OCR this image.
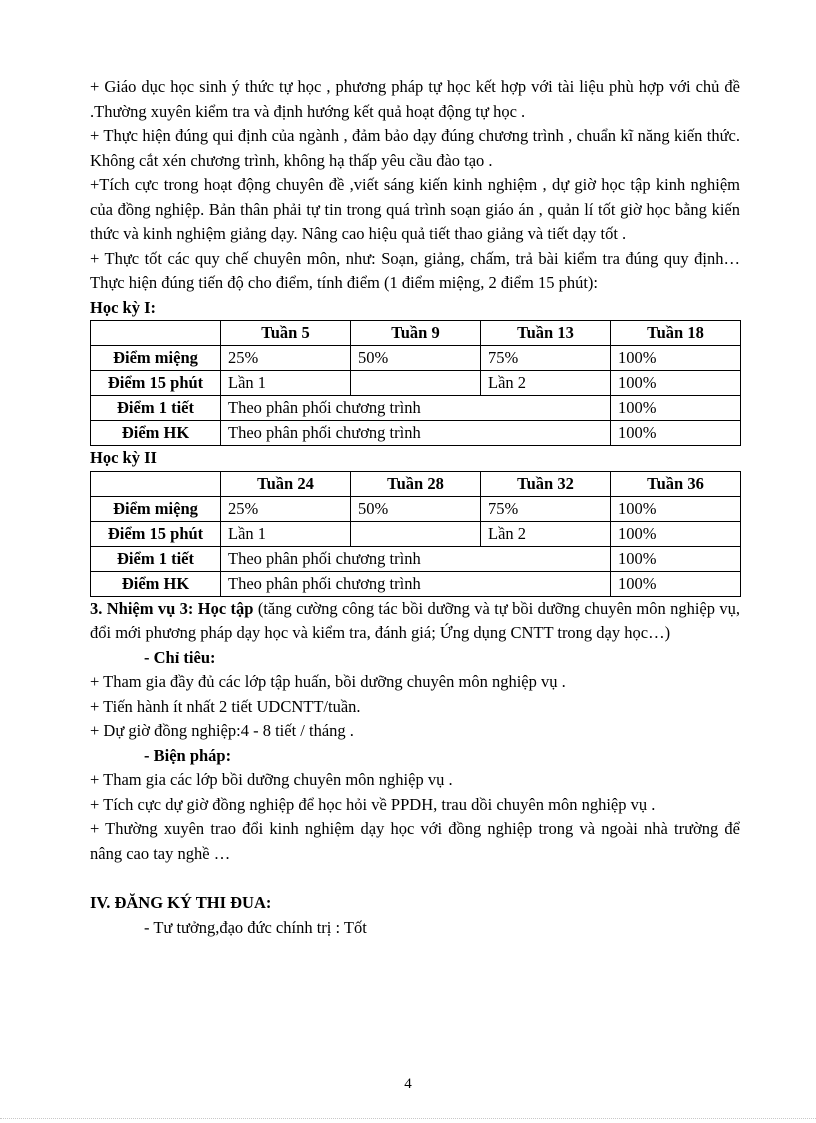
+ Giáo dục học sinh ý thức tự học , phương pháp tự học kết hợp với tài liệu phù hợp với chủ đề .Thường xuyên kiểm tra và định hướng kết quả hoạt động tự học .

+ Thực hiện đúng qui định của ngành , đảm bảo dạy đúng chương trình , chuẩn kĩ năng kiến thức. Không cắt xén chương trình, không hạ thấp yêu cầu đào tạo .

+Tích cực trong hoạt động chuyên đề ,viết sáng kiến kinh nghiệm , dự giờ học tập kinh nghiệm của đồng nghiệp. Bản thân phải tự tin trong quá trình soạn giáo án , quản lí tốt giờ học bằng kiến thức và kinh nghiệm giảng dạy. Nâng cao hiệu quả tiết thao giảng và tiết dạy tốt .

+ Thực tốt các quy chế chuyên môn, như: Soạn, giảng, chấm, trả bài kiểm tra đúng quy định… Thực hiện đúng tiến độ cho điểm, tính điểm (1 điểm miệng, 2 điểm 15 phút):

Học kỳ I:

	Tuần 5	Tuần 9	Tuần 13	Tuần 18
Điểm miệng	25%	50%	75%	100%
Điểm 15 phút	Lần 1		Lần 2	100%
Điểm 1 tiết	Theo phân phối chương trình			100%
Điểm HK	Theo phân phối chương trình			100%

Học kỳ II

	Tuần 24	Tuần 28	Tuần 32	Tuần 36
Điểm miệng	25%	50%	75%	100%
Điểm 15 phút	Lần 1		Lần 2	100%
Điểm 1 tiết	Theo phân phối chương trình			100%
Điểm HK	Theo phân phối chương trình			100%

3. Nhiệm vụ 3: Học tập (tăng cường công tác bồi dưỡng và tự bồi dưỡng chuyên môn nghiệp vụ, đổi mới phương pháp dạy học và kiểm tra, đánh giá; Ứng dụng CNTT trong dạy học…)

- Chỉ tiêu:

+ Tham gia đầy đủ các lớp tập huấn, bồi dưỡng chuyên môn nghiệp vụ .

+ Tiến hành ít nhất 2 tiết UDCNTT/tuần.

+ Dự giờ đồng nghiệp:4 - 8 tiết / tháng .

- Biện pháp:

+ Tham gia các lớp bồi dưỡng chuyên môn nghiệp vụ .

+ Tích cực dự giờ đồng nghiệp để học hỏi về PPDH, trau dồi chuyên môn nghiệp vụ .

+ Thường xuyên trao đổi kinh nghiệm dạy học với đồng nghiệp trong và ngoài nhà trường để nâng cao tay nghề …

IV. ĐĂNG KÝ THI ĐUA:

- Tư tưởng,đạo đức chính trị : Tốt

4
